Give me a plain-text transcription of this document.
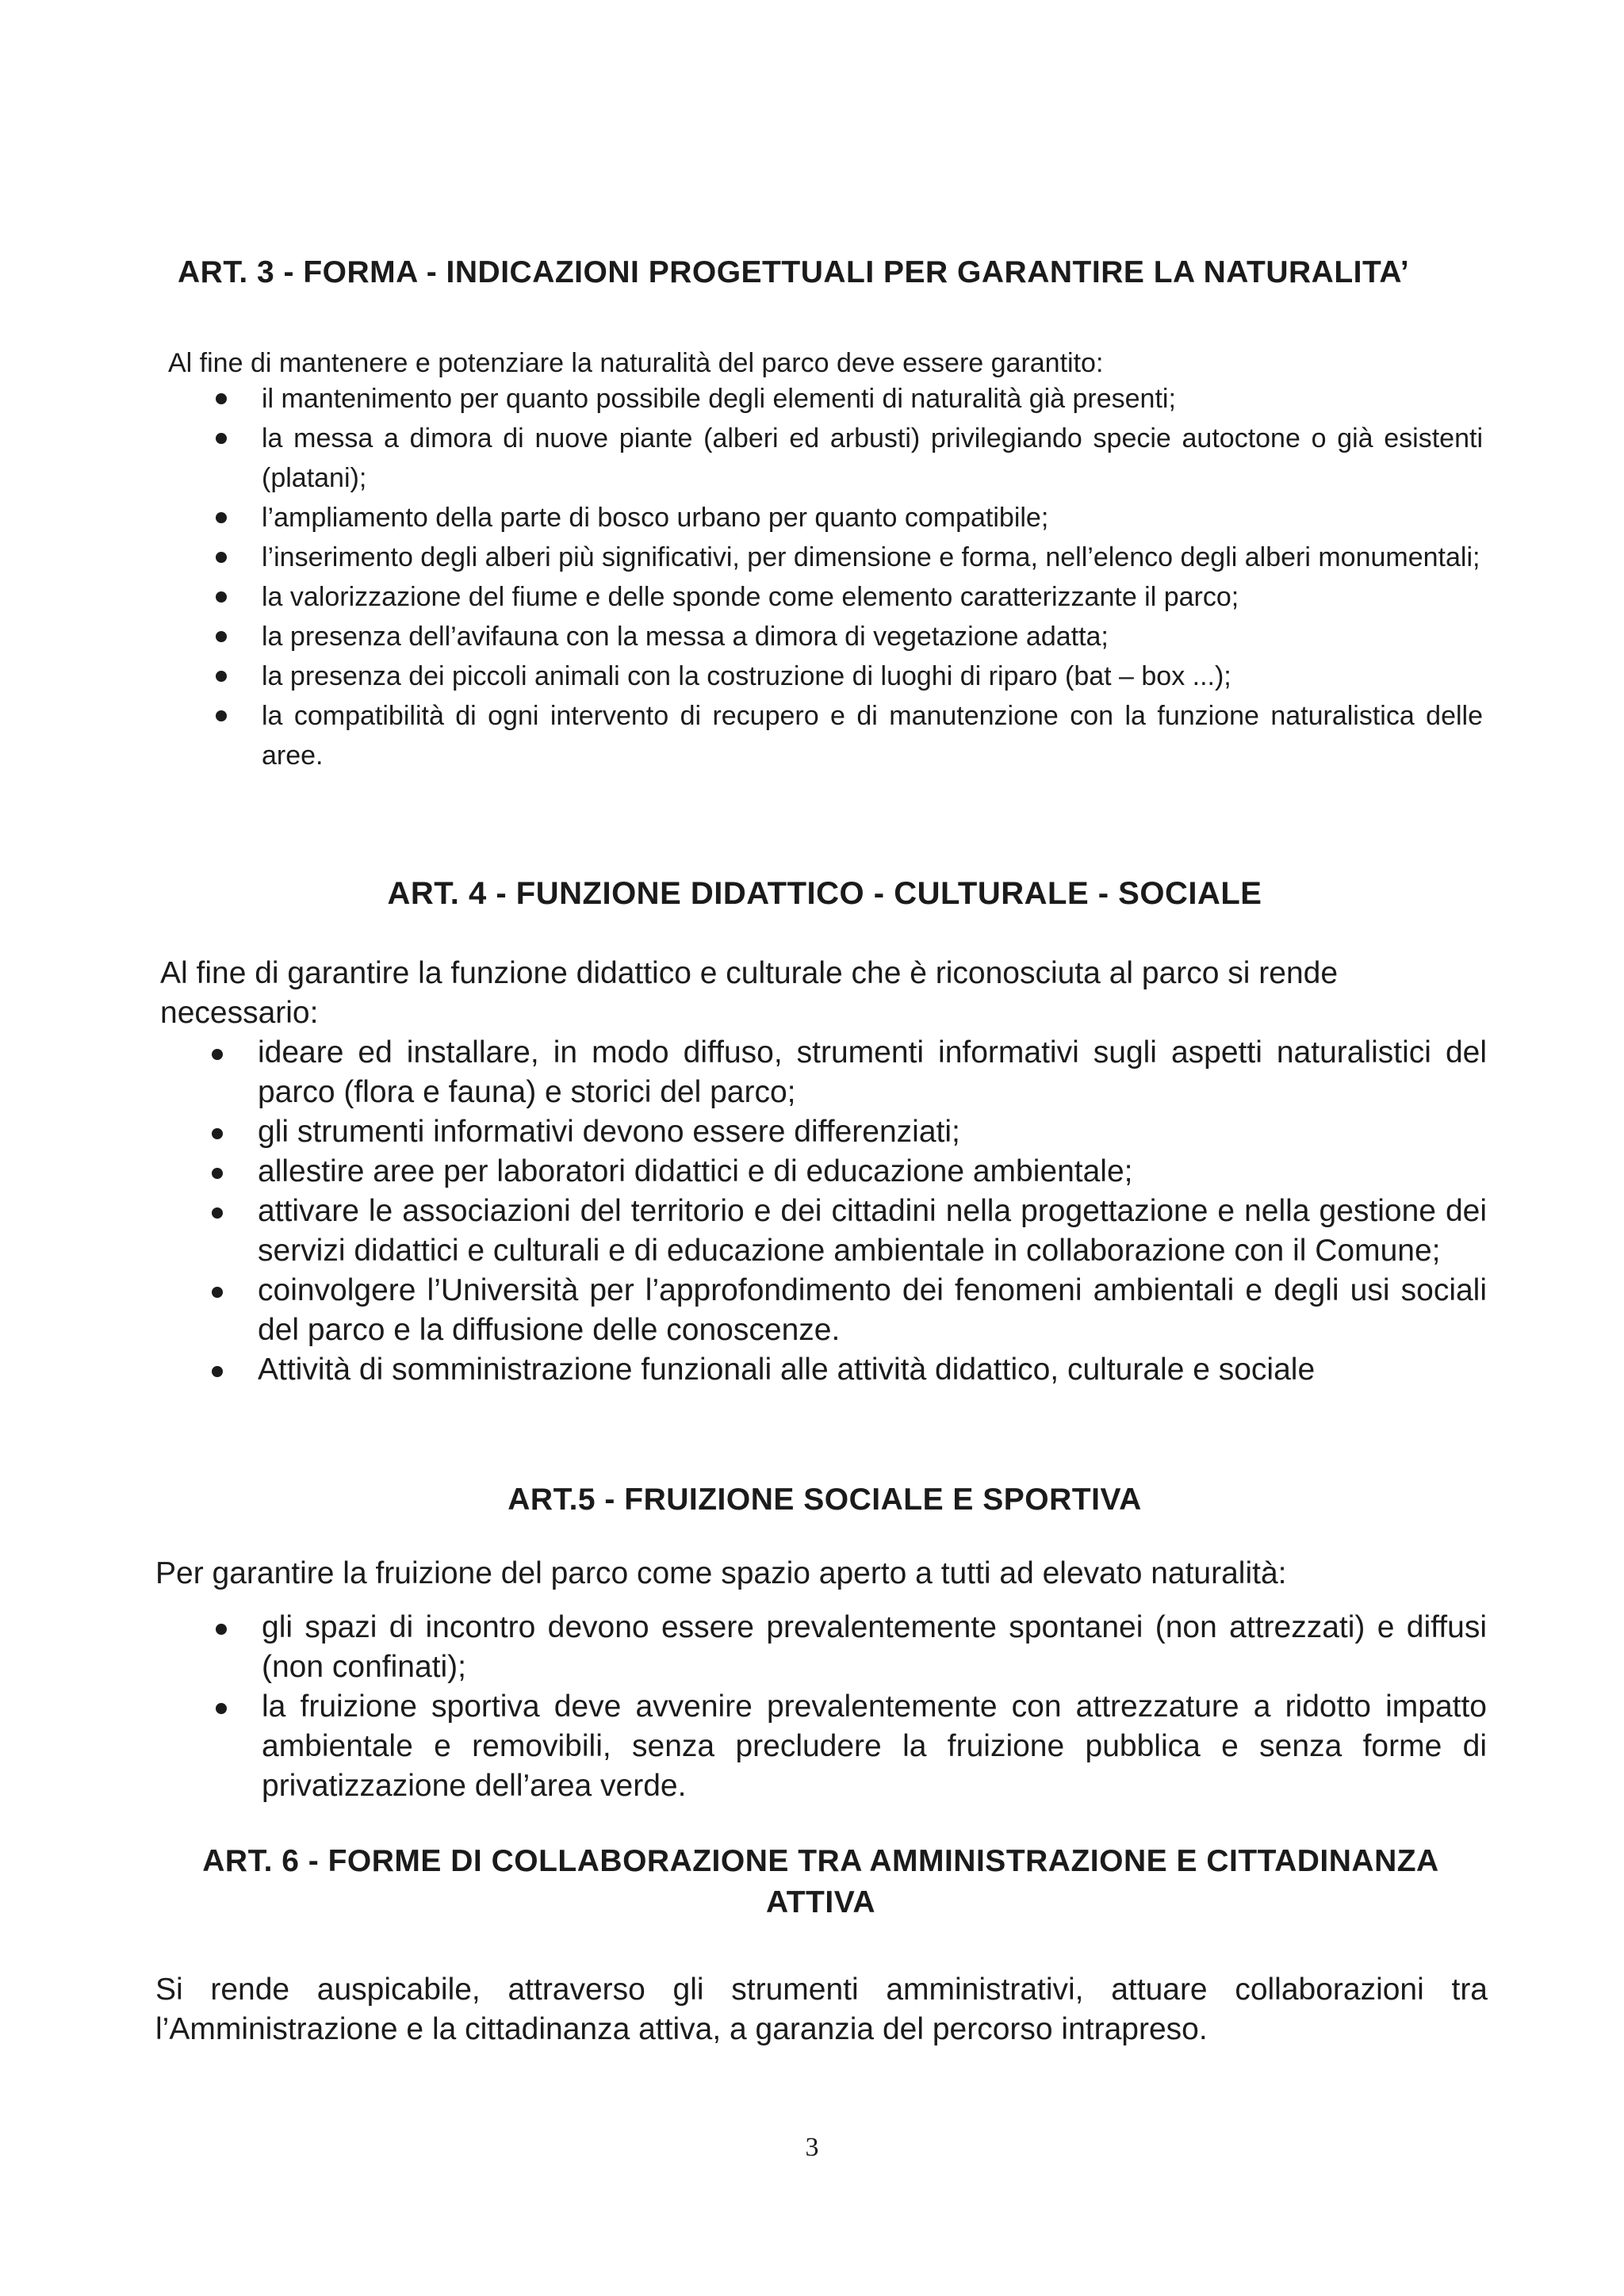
ART. 3 - FORMA - INDICAZIONI PROGETTUALI PER GARANTIRE LA NATURALITA’

Al fine di mantenere e potenziare la naturalità del parco deve essere garantito:

il mantenimento per quanto possibile degli elementi di naturalità già presenti;
la messa a dimora di nuove piante (alberi ed arbusti) privilegiando specie autoctone o già esistenti (platani);
l’ampliamento della parte di bosco urbano per quanto compatibile;
l’inserimento degli alberi più significativi, per dimensione e forma, nell’elenco degli alberi monumentali;
la valorizzazione del fiume e delle sponde come elemento caratterizzante il parco;
la presenza dell’avifauna con la messa a dimora di vegetazione adatta;
la presenza dei piccoli animali con la costruzione di luoghi di riparo (bat – box ...);
la compatibilità di ogni intervento di recupero e di manutenzione con la funzione naturalistica delle aree.
ART. 4 - FUNZIONE DIDATTICO - CULTURALE - SOCIALE

Al fine di garantire la funzione didattico e culturale che è riconosciuta al parco si rende necessario:

ideare ed installare, in modo diffuso, strumenti informativi sugli aspetti naturalistici del parco (flora e fauna) e storici del parco;
gli strumenti informativi devono essere differenziati;
allestire aree per laboratori didattici e di educazione ambientale;
attivare le associazioni del territorio e dei cittadini nella progettazione e nella gestione dei servizi didattici e culturali e di educazione ambientale in collaborazione con il Comune;
coinvolgere l’Università per l’approfondimento dei fenomeni ambientali e degli usi sociali del parco e la diffusione delle conoscenze.
Attività di somministrazione funzionali alle attività didattico, culturale e sociale
ART.5 - FRUIZIONE SOCIALE E SPORTIVA

Per garantire la fruizione del parco come spazio aperto a tutti ad elevato naturalità:

gli spazi di incontro devono essere prevalentemente spontanei (non attrezzati) e diffusi (non confinati);
la fruizione sportiva deve avvenire prevalentemente con attrezzature a ridotto impatto ambientale e removibili, senza precludere la fruizione pubblica e senza forme di privatizzazione dell’area verde.
ART. 6 - FORME DI COLLABORAZIONE TRA AMMINISTRAZIONE E CITTADINANZA
ATTIVA

Si rende auspicabile, attraverso gli strumenti amministrativi, attuare collaborazioni tra l’Amministrazione e la cittadinanza attiva, a garanzia del percorso intrapreso.

3
